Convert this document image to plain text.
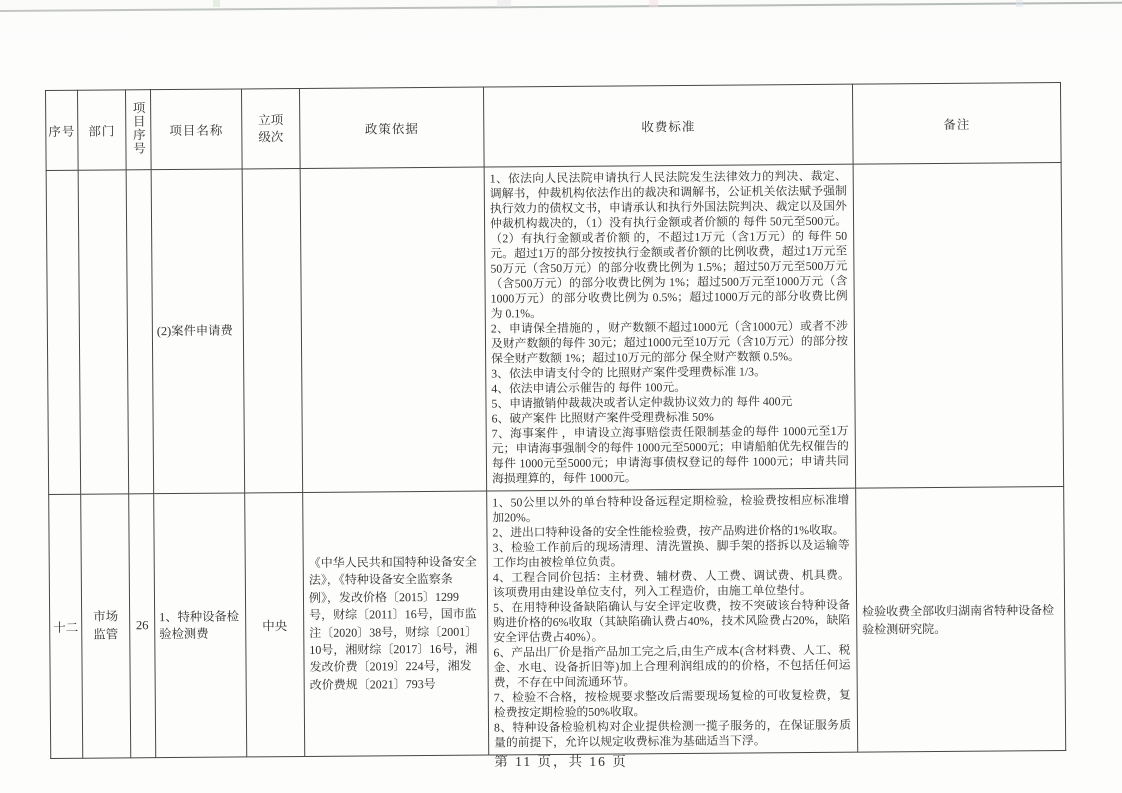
序号	部门	项目序号	项目名称	立项级次	政策依据	收费标准	备注
			(2)案件申请费			1、依法向人民法院申请执行人民法院发生法律效力的判决、裁定、调解书，仲裁机构依法作出的裁决和调解书，公证机关依法赋予强制执行效力的债权文书，申请承认和执行外国法院判决、裁定以及国外仲裁机构裁决的，（1）没有执行金额或者价额的 每件 50元至500元。（2）有执行金额或者价额 的，不超过1万元（含1万元）的 每件 50元。超过1万的部分按按执行金额或者价额的比例收费，超过1万元至50万元（含50万元）的部分收费比例为 1.5%；超过50万元至500万元（含500万元）的部分收费比例为 1%；超过500万元至1000万元（含1000万元）的部分收费比例为 0.5%；超过1000万元的部分收费比例为 0.1%。
2、申请保全措施的 ，财产数额不超过1000元（含1000元）或者不涉及财产数额的每件 30元；超过1000元至10万元（含10万元）的部分按保全财产数额 1%；超过10万元的部分 保全财产数额 0.5%。
3、依法申请支付令的 比照财产案件受理费标准 1/3。
4、依法申请公示催告的 每件 100元。
5、申请撤销仲裁裁决或者认定仲裁协议效力的 每件 400元
6、破产案件 比照财产案件受理费标准 50%
7、海事案件 ，申请设立海事赔偿责任限制基金的每件 1000元至1万元；申请海事强制令的每件 1000元至5000元；申请船舶优先权催告的每件 1000元至5000元；申请海事债权登记的每件 1000元；申请共同海损理算的，每件 1000元。	
十二	市场监管	26	1、特种设备检验检测费	中央	《中华人民共和国特种设备安全法》，《特种设备安全监察条例》，发改价格〔2015〕1299号，财综〔2011〕16号，国市监注〔2020〕38号，财综〔2001〕10号，湘财综〔2017〕16号，湘发改价费〔2019〕224号，湘发改价费规〔2021〕793号	1、50公里以外的单台特种设备远程定期检验，检验费按相应标准增加20%。
2、进出口特种设备的安全性能检验费，按产品购进价格的1%收取。
3、检验工作前后的现场清理、清洗置换、脚手架的搭拆以及运输等工作均由被检单位负责。
4、工程合同价包括：主材费、辅材费、人工费、调试费、机具费。该项费用由建设单位支付，列入工程造价，由施工单位垫付。
5、在用特种设备缺陷确认与安全评定收费，按不突破该台特种设备购进价格的6%收取（其缺陷确认费占40%，技术风险费占20%，缺陷安全评估费占40%）。
6、产品出厂价是指产品加工完之后,由生产成本(含材料费、人工、税金、水电、设备折旧等)加上合理利润组成的的价格，不包括任何运费，不存在中间流通环节。
7、检验不合格，按检规要求整改后需要现场复检的可收复检费，复检费按定期检验的50%收取。
8、特种设备检验机构对企业提供检测一揽子服务的，在保证服务质量的前提下，允许以规定收费标准为基础适当下浮。	检验收费全部收归湖南省特种设备检验检测研究院。
第 11 页，共 16 页
